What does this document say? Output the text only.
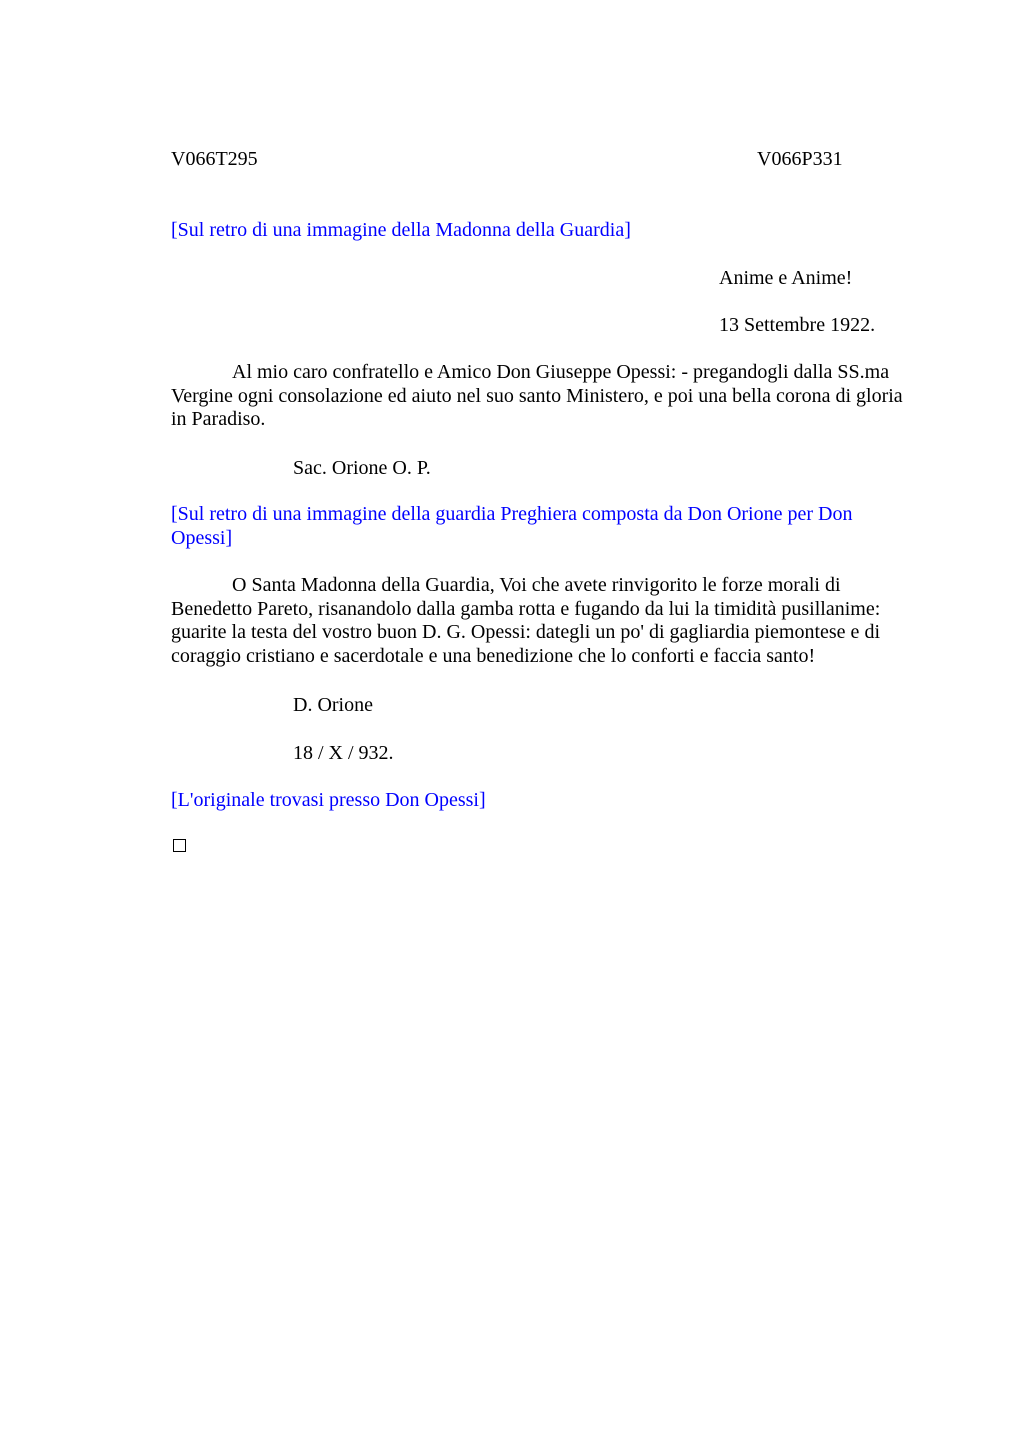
V066T295	V066P331
[Sul retro di una immagine della Madonna della Guardia]
Anime e Anime!
13 Settembre 1922.
Al mio caro confratello e Amico Don Giuseppe Opessi: - pregandogli dalla SS.ma Vergine ogni consolazione ed aiuto nel suo santo Ministero, e poi una bella corona di gloria in Paradiso.
Sac. Orione O. P.
[Sul retro di una immagine della guardia Preghiera composta da Don Orione per Don Opessi]
O Santa Madonna della Guardia, Voi che avete rinvigorito le forze morali di Benedetto Pareto, risanandolo dalla gamba rotta e fugando da lui la timidità pusillanime: guarite la testa del vostro buon D. G. Opessi: dategli un po' di gagliardia piemontese e di coraggio cristiano e sacerdotale e una benedizione che lo conforti e faccia santo!
D. Orione
18 / X / 932.
[L'originale trovasi presso Don Opessi]
